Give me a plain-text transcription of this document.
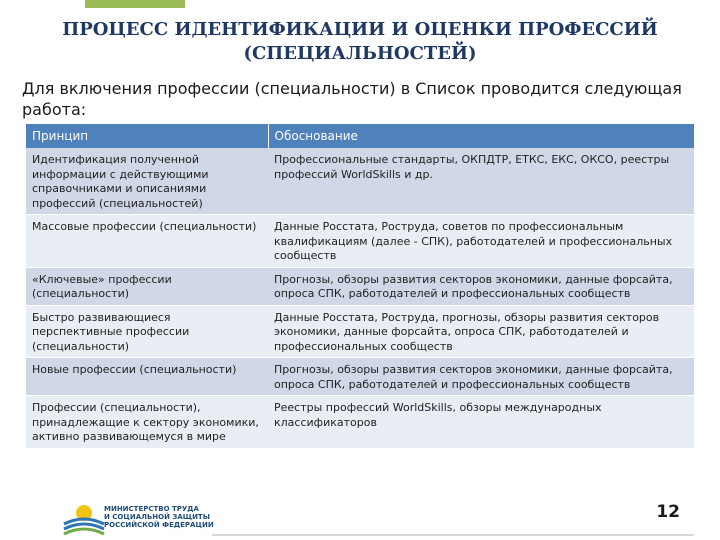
ПРОЦЕСС ИДЕНТИФИКАЦИИ И ОЦЕНКИ ПРОФЕССИЙ
(СПЕЦИАЛЬНОСТЕЙ)
Для включения профессии (специальности) в Список проводится следующая работа:
Принцип	Обоснование
Идентификация полученной информации с действующими справочниками и описаниями профессий (специальностей)	Профессиональные стандарты, ОКПДТР, ЕТКС, ЕКС, ОКСО, реестры профессий WorldSkills и др.
Массовые профессии (специальности)	Данные Росстата, Роструда, советов по профессиональным квалификациям (далее - СПК), работодателей и профессиональных сообществ
«Ключевые» профессии (специальности)	Прогнозы, обзоры развития секторов экономики, данные форсайта, опроса СПК, работодателей и профессиональных сообществ
Быстро развивающиеся перспективные профессии (специальности)	Данные Росстата, Роструда, прогнозы, обзоры развития секторов экономики, данные форсайта, опроса СПК, работодателей и профессиональных сообществ
Новые профессии (специальности)	Прогнозы, обзоры развития секторов экономики, данные форсайта, опроса СПК, работодателей и профессиональных сообществ
Профессии (специальности), принадлежащие к сектору экономики, активно развивающемуся в мире	Реестры профессий WorldSkills, обзоры международных классификаторов
МИНИСТЕРСТВО ТРУДА
И СОЦИАЛЬНОЙ ЗАЩИТЫ
РОССИЙСКОЙ ФЕДЕРАЦИИ
12
